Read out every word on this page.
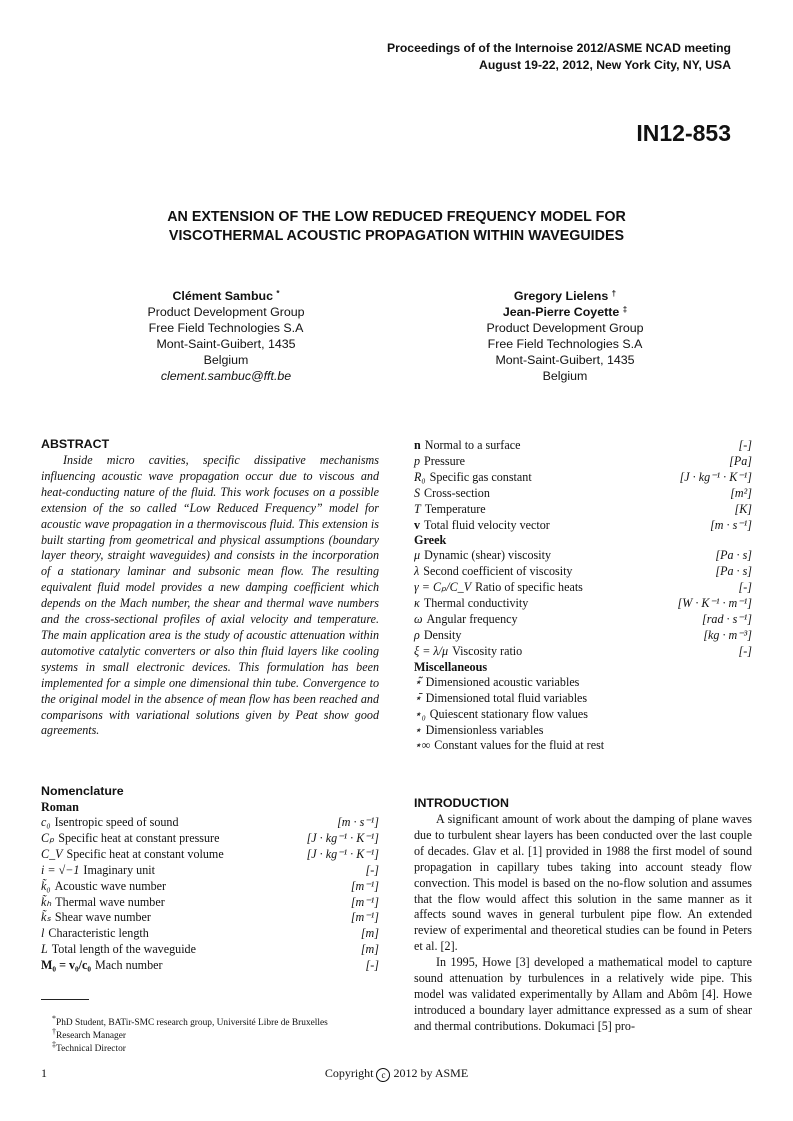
Proceedings of of the Internoise 2012/ASME NCAD meeting
August 19-22, 2012, New York City, NY, USA
IN12-853
AN EXTENSION OF THE LOW REDUCED FREQUENCY MODEL FOR
VISCOTHERMAL ACOUSTIC PROPAGATION WITHIN WAVEGUIDES
Clément Sambuc *
Product Development Group
Free Field Technologies S.A
Mont-Saint-Guibert, 1435
Belgium
clement.sambuc@fft.be
Gregory Lielens †
Jean-Pierre Coyette ‡
Product Development Group
Free Field Technologies S.A
Mont-Saint-Guibert, 1435
Belgium
ABSTRACT

Inside micro cavities, specific dissipative mechanisms influencing acoustic wave propagation occur due to viscous and heat-conducting nature of the fluid. This work focuses on a possible extension of the so called “Low Reduced Frequency” model for acoustic wave propagation in a thermoviscous fluid. This extension is built starting from geometrical and physical assumptions (boundary layer theory, straight waveguides) and consists in the incorporation of a stationary laminar and subsonic mean flow. The resulting equivalent fluid model provides a new damping coefficient which depends on the Mach number, the shear and thermal wave numbers and the cross-sectional profiles of axial velocity and temperature. The main application area is the study of acoustic attenuation within automotive catalytic converters or also thin fluid layers like cooling systems in small electronic devices. This formulation has been implemented for a simple one dimensional thin tube. Convergence to the original model in the absence of mean flow has been reached and comparisons with variational solutions given by Peat show good agreements.

Nomenclature
Roman
c₀ Isentropic speed of sound	[m · s⁻¹]
Cₚ Specific heat at constant pressure	[J · kg⁻¹ · K⁻¹]
C_V Specific heat at constant volume	[J · kg⁻¹ · K⁻¹]
i = √−1 Imaginary unit	[-]
k̃₀ Acoustic wave number	[m⁻¹]
k̃ₕ Thermal wave number	[m⁻¹]
k̃ₛ Shear wave number	[m⁻¹]
l Characteristic length	[m]
L Total length of the waveguide	[m]
M₀ = v₀/c₀ Mach number	[-]
n Normal to a surface	[-]
p Pressure	[Pa]
R₀ Specific gas constant	[J · kg⁻¹ · K⁻¹]
S Cross-section	[m²]
T Temperature	[K]
v Total fluid velocity vector	[m · s⁻¹]
Greek
μ Dynamic (shear) viscosity	[Pa · s]
λ Second coefficient of viscosity	[Pa · s]
γ = Cₚ/C_V Ratio of specific heats	[-]
κ Thermal conductivity	[W · K⁻¹ · m⁻¹]
ω Angular frequency	[rad · s⁻¹]
ρ Density	[kg · m⁻³]
ξ = λ/μ Viscosity ratio	[-]
Miscellaneous
⋆̃ Dimensioned acoustic variables
⋆̄ Dimensioned total fluid variables
⋆₀ Quiescent stationary flow values
⋆ Dimensionless variables
⋆∞ Constant values for the fluid at rest
*PhD Student, BATir-SMC research group, Université Libre de Bruxelles
†Research Manager
‡Technical Director
INTRODUCTION

A significant amount of work about the damping of plane waves due to turbulent shear layers has been conducted over the last couple of decades. Glav et al. [1] provided in 1988 the first model of sound propagation in capillary tubes taking into account steady flow convection. This model is based on the no-flow solution and assumes that the flow would affect this solution in the same manner as it affects sound waves in general turbulent pipe flow. An extended review of experimental and theoretical studies can be found in Peters et al. [2].

In 1995, Howe [3] developed a mathematical model to capture sound attenuation by turbulences in a relatively wide pipe. This model was validated experimentally by Allam and Abôm [4]. Howe introduced a boundary layer admittance expressed as a sum of shear and thermal contributions. Dokumaci [5] pro-

1	Copyright c 2012 by ASME
